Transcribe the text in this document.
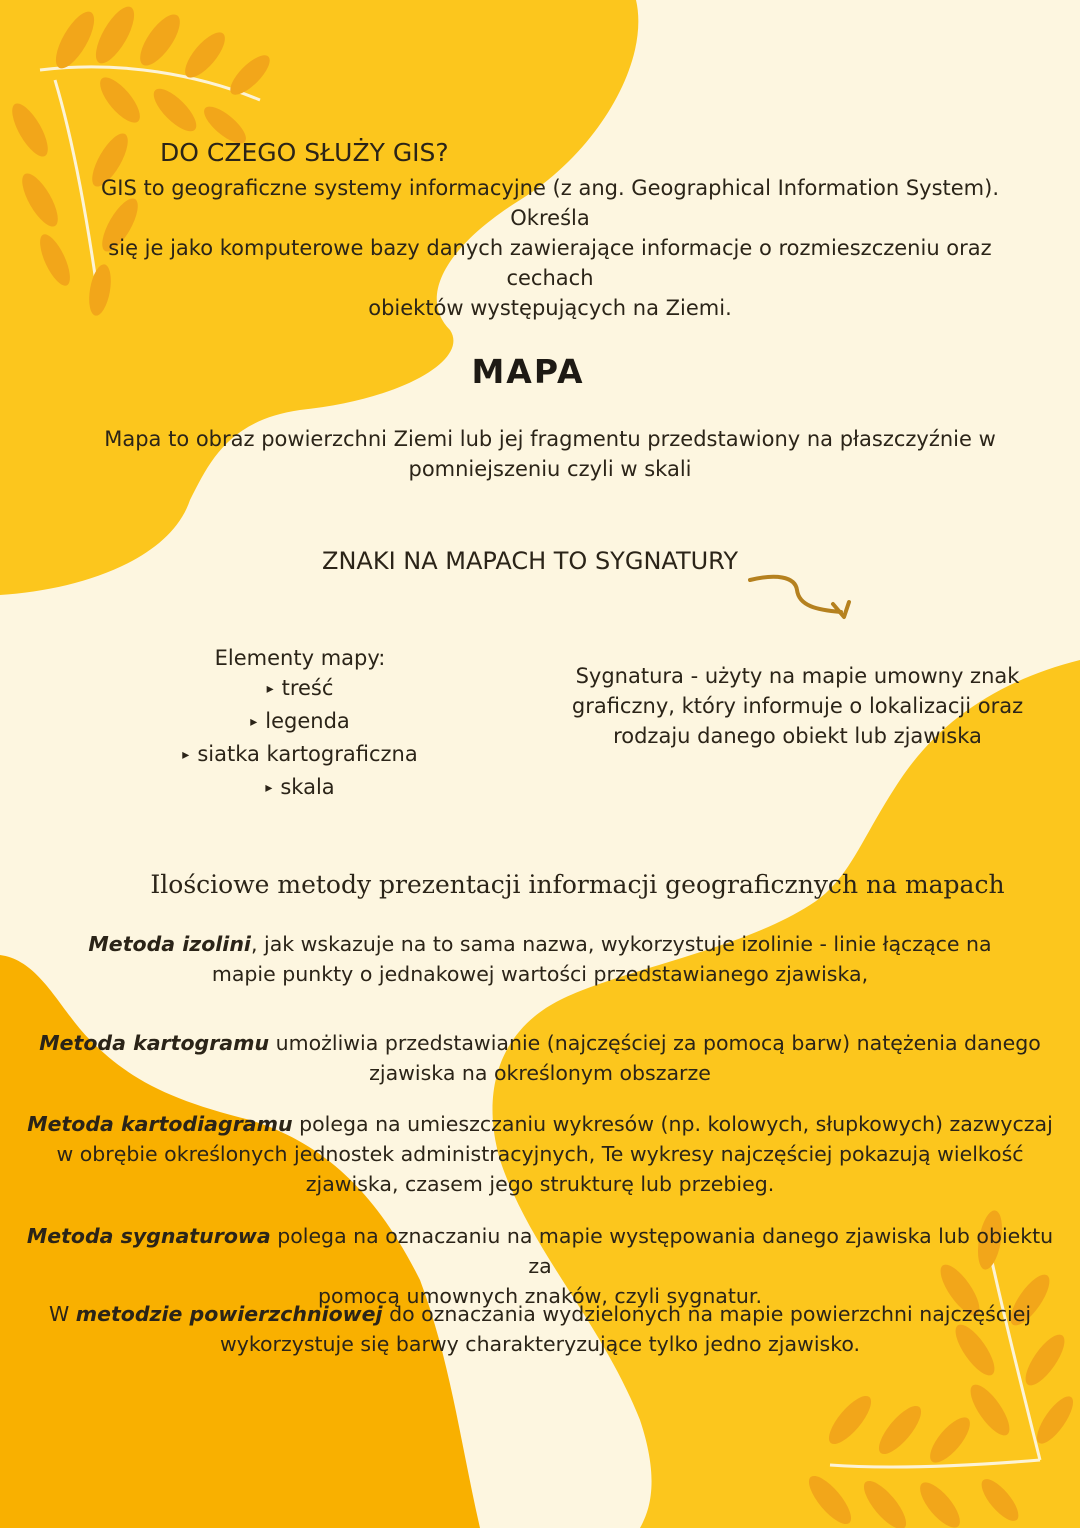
DO CZEGO SŁUŻY GIS?

GIS to geograficzne systemy informacyjne (z ang. Geographical Information System). Określa

się je jako komputerowe bazy danych zawierające informacje o rozmieszczeniu oraz cechach

obiektów występujących na Ziemi.

MAPA
Mapa to obraz powierzchni Ziemi lub jej fragmentu przedstawiony na płaszczyźnie w
pomniejszeniu czyli w skali
ZNAKI NA MAPACH TO SYGNATURY
Elementy mapy:
▸ treść
▸ legenda
▸ siatka kartograficzna
▸ skala
Sygnatura - użyty na mapie umowny znak
graficzny, który informuje o lokalizacji oraz
rodzaju danego obiekt lub zjawiska
Ilościowe metody prezentacji informacji geograficznych na mapach

Metoda izolini, jak wskazuje na to sama nazwa, wykorzystuje izolinie - linie łączące na

mapie punkty o jednakowej wartości przedstawianego zjawiska,

Metoda kartogramu umożliwia przedstawianie (najczęściej za pomocą barw) natężenia danego

zjawiska na określonym obszarze

Metoda kartodiagramu polega na umieszczaniu wykresów (np. kolowych, słupkowych) zazwyczaj

w obrębie określonych jednostek administracyjnych, Te wykresy najczęściej pokazują wielkość

zjawiska, czasem jego strukturę lub przebieg.

Metoda sygnaturowa polega na oznaczaniu na mapie występowania danego zjawiska lub obiektu za

pomocą umownych znaków, czyli sygnatur.

W metodzie powierzchniowej do oznaczania wydzielonych na mapie powierzchni najczęściej

wykorzystuje się barwy charakteryzujące tylko jedno zjawisko.
